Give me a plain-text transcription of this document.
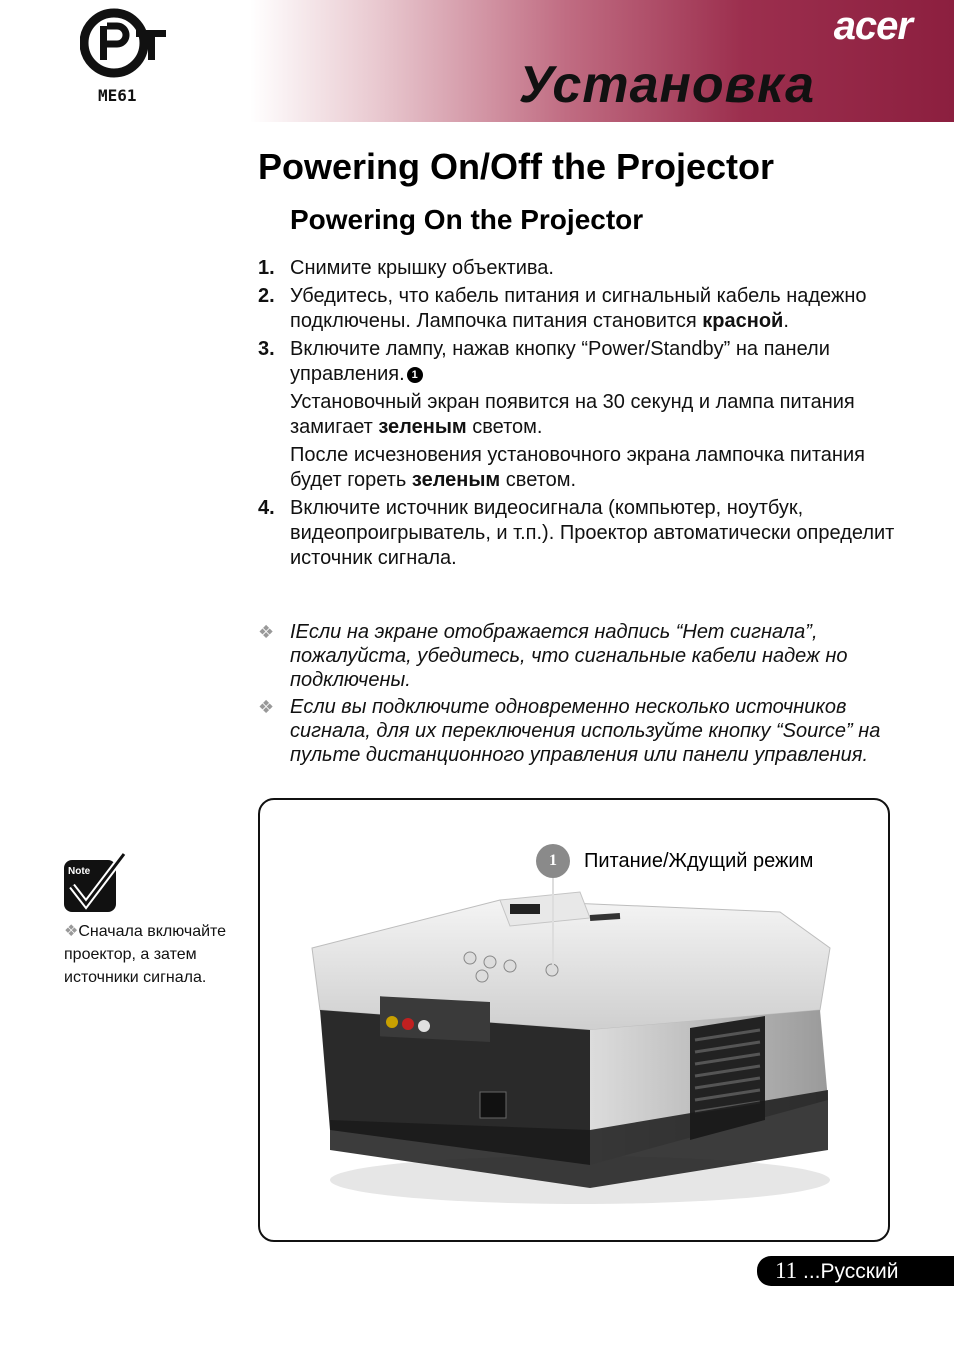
acer
Установка
МЕ61
Powering On/Off the Projector
Powering On the Projector
1. Снимите крышку объектива.

2. Убедитесь, что кабель питания и сигнальный кабель надежно подключены. Лампочка питания становится красной.

3. Включите лампу, нажав кнопку “Power/Standby” на панели управления. 1

Установочный экран появится на 30 секунд и лампа питания замигает зеленым светом.

После исчезновения установочного экрана лампочка питания будет гореть зеленым светом.

4. Включите источник видеосигнала (компьютер, ноутбук, видеопроигрыватель, и т.п.). Проектор автоматически определит источник сигнала.

❖ IЕсли на экране отображается надпись “Нет сигнала”, пожалуйста, убедитесь, что сигнальные кабели надеж но подключены.
❖ Если вы подключите одновременно несколько источников сигнала, для их переключения используйте кнопку “Source” на пульте дистанционного управления или панели управления.
1	Питание/Ждущий режим
Note
❖Сначала включайте проектор, а затем источники сигнала.
11 ...Русский
